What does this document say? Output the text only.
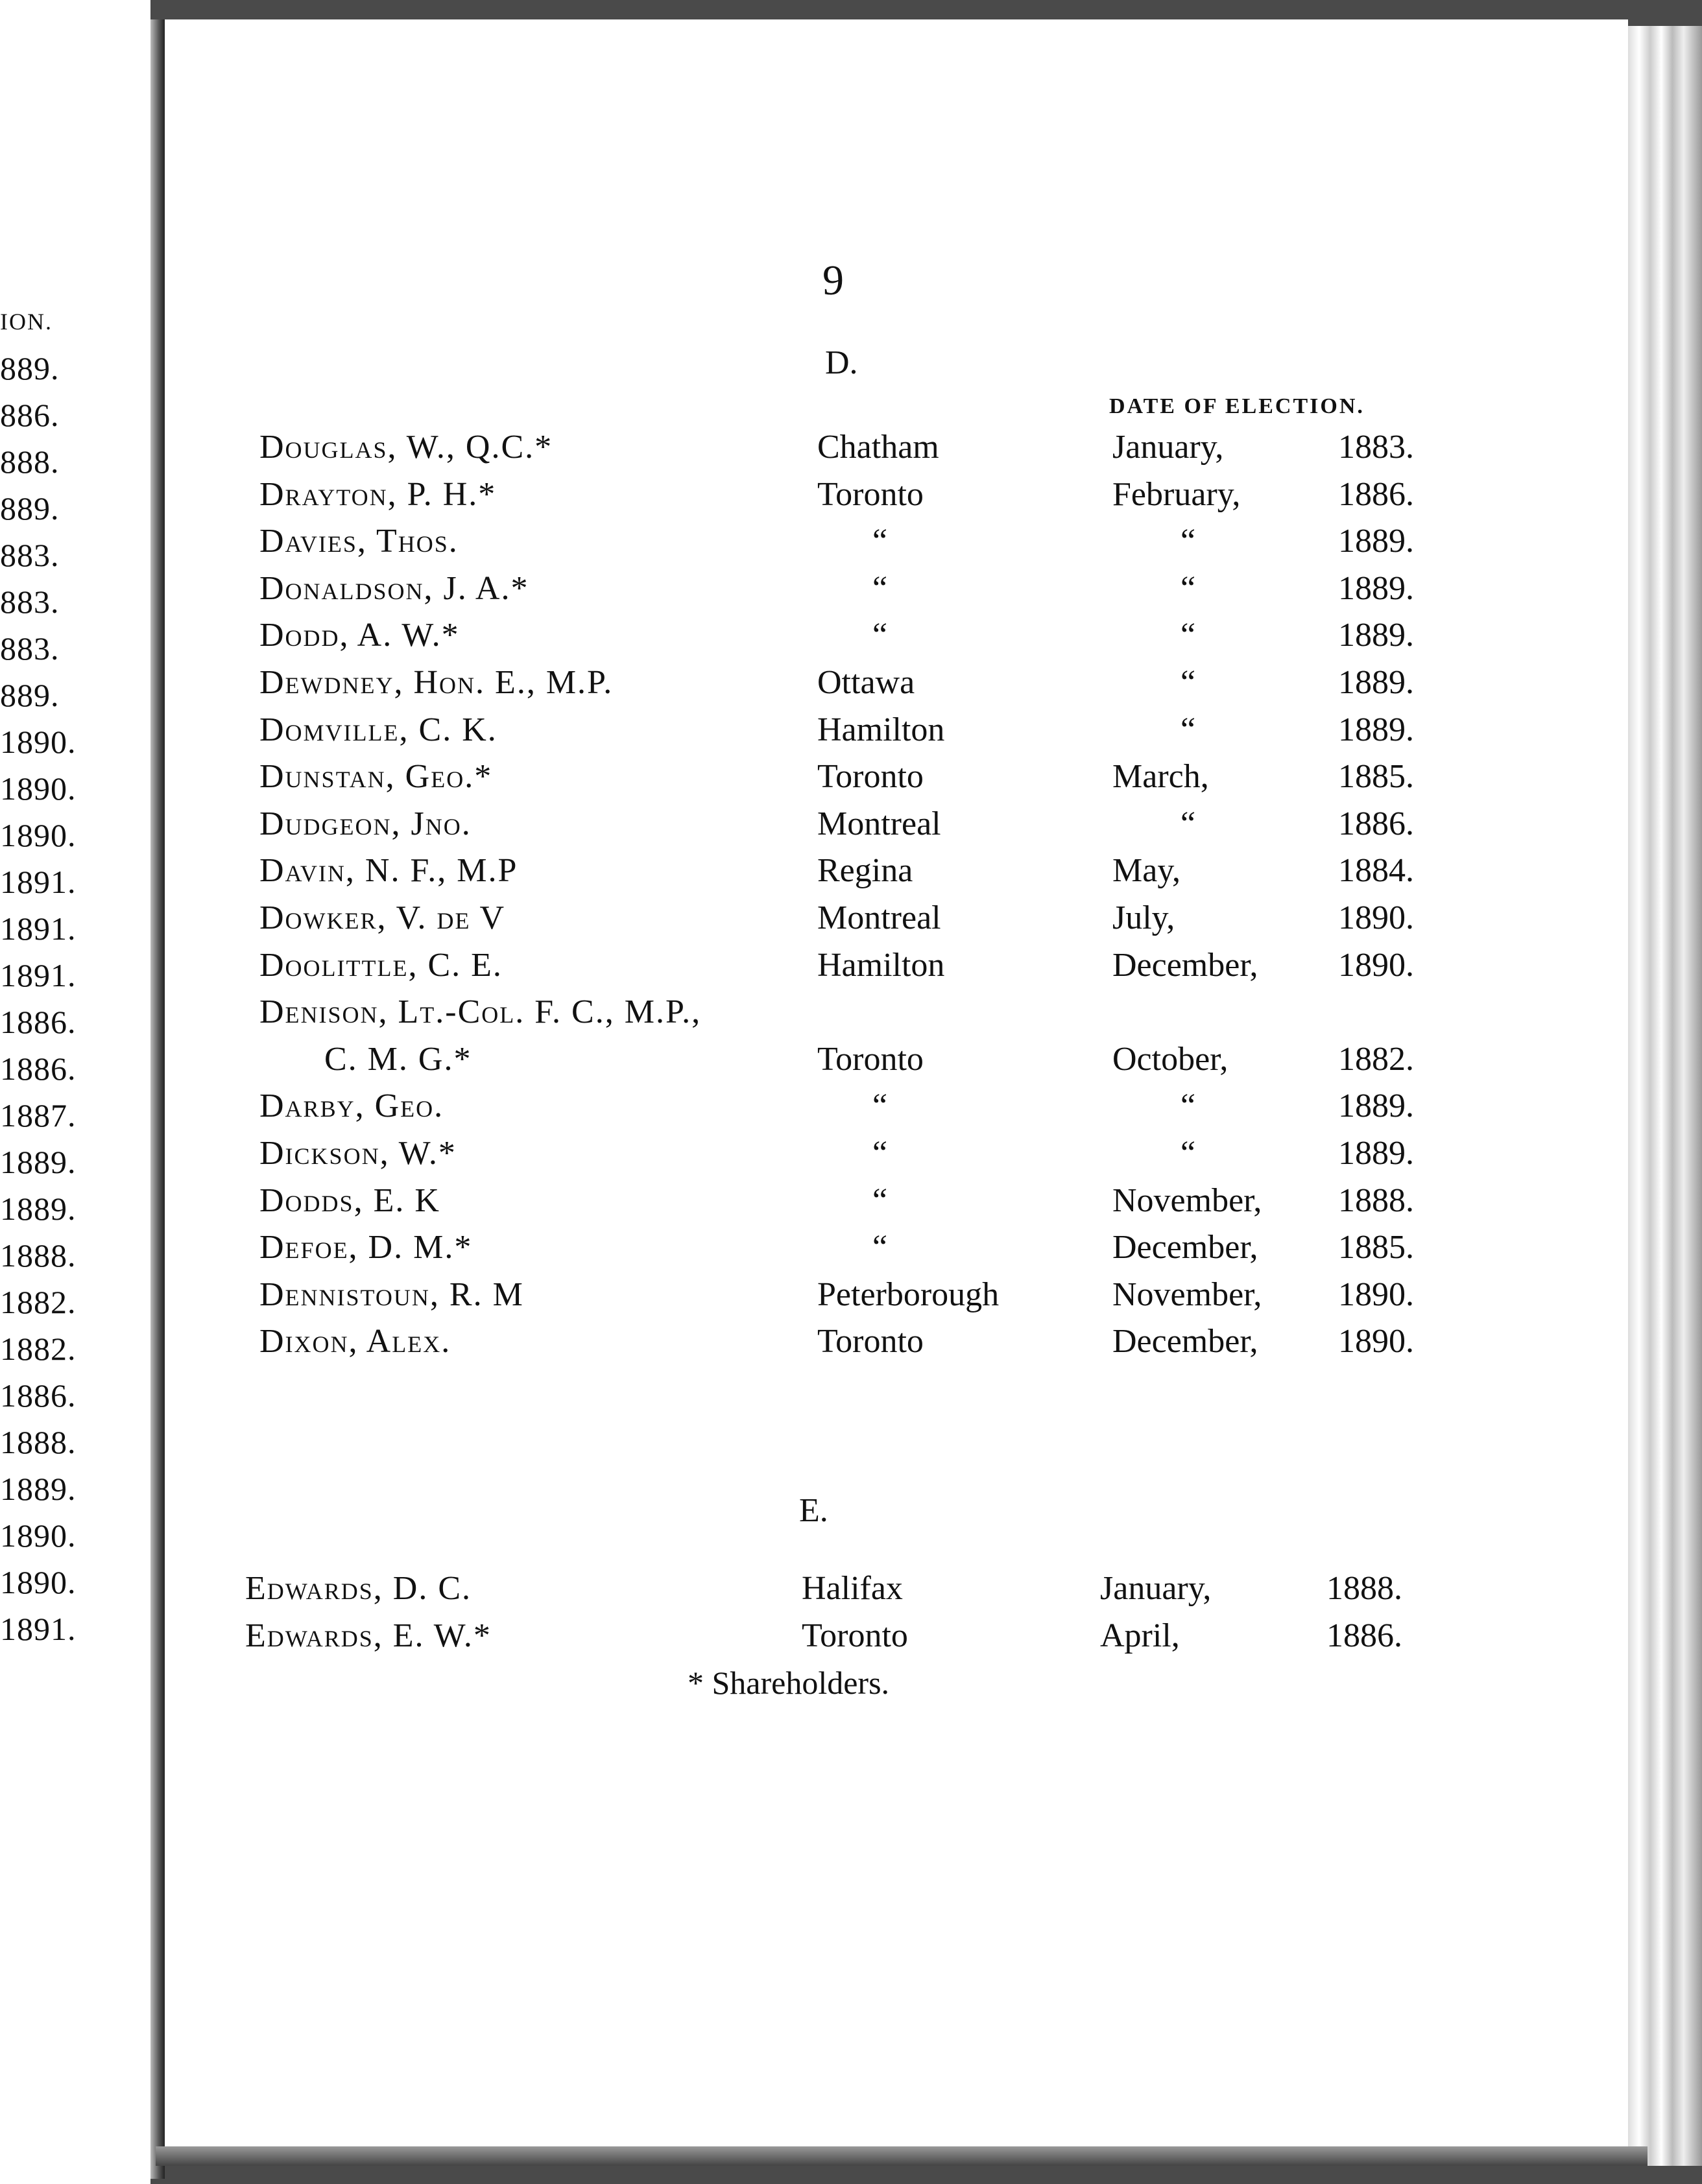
ION.
889.
886.
888.
889.
883.
883.
883.
889.
1890.
1890.
1890.
1891.
1891.
1891.
1886.
1886.
1887.
1889.
1889.
1888.
1882.
1882.
1886.
1888.
1889.
1890.
1890.
1891.
9
D.
DATE OF ELECTION.
Douglas, W., Q.C.*	Chatham	January,	1883.
Drayton, P. H.*	Toronto	February,	1886.
Davies, Thos.	“	“	1889.
Donaldson, J. A.*	“	“	1889.
Dodd, A. W.*	“	“	1889.
Dewdney, Hon. E., M.P.	Ottawa	“	1889.
Domville, C. K.	Hamilton	“	1889.
Dunstan, Geo.*	Toronto	March,	1885.
Dudgeon, Jno.	Montreal	“	1886.
Davin, N. F., M.P	Regina	May,	1884.
Dowker, V. de V	Montreal	July,	1890.
Doolittle, C. E.	Hamilton	December,	1890.
Denison, Lt.-Col. F. C., M.P.,
C. M. G.*	Toronto	October,	1882.
Darby, Geo.	“	“	1889.
Dickson, W.*	“	“	1889.
Dodds, E. K	“	November,	1888.
Defoe, D. M.*	“	December,	1885.
Dennistoun, R. M	Peterborough	November,	1890.
Dixon, Alex.	Toronto	December,	1890.
E.
Edwards, D. C.	Halifax	January,	1888.
Edwards, E. W.*	Toronto	April,	1886.
* Shareholders.
